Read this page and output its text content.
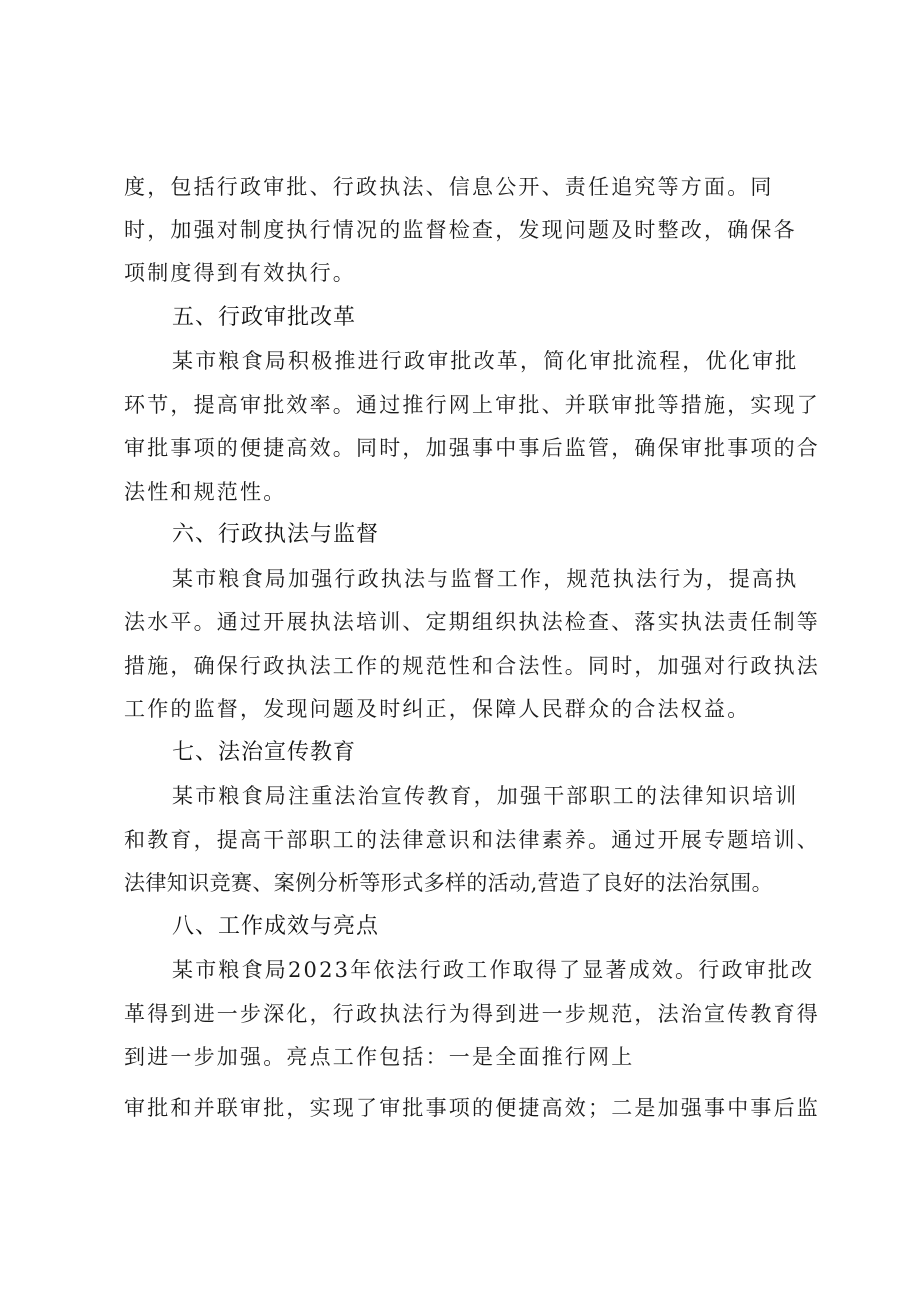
度，包括行政审批、行政执法、信息公开、责任追究等方面。同
时，加强对制度执行情况的监督检查，发现问题及时整改，确保各
项制度得到有效执行。
五、行政审批改革
某市粮食局积极推进行政审批改革，简化审批流程，优化审批
环节，提高审批效率。通过推行网上审批、并联审批等措施，实现了
审批事项的便捷高效。同时，加强事中事后监管，确保审批事项的合
法性和规范性。
六、行政执法与监督
某市粮食局加强行政执法与监督工作，规范执法行为，提高执
法水平。通过开展执法培训、定期组织执法检查、落实执法责任制等
措施，确保行政执法工作的规范性和合法性。同时，加强对行政执法
工作的监督，发现问题及时纠正，保障人民群众的合法权益。
七、法治宣传教育
某市粮食局注重法治宣传教育，加强干部职工的法律知识培训
和教育，提高干部职工的法律意识和法律素养。通过开展专题培训、
法律知识竞赛、案例分析等形式多样的活动,营造了良好的法治氛围。
八、工作成效与亮点
某市粮食局2023年依法行政工作取得了显著成效。行政审批改
革得到进一步深化，行政执法行为得到进一步规范，法治宣传教育得
到进一步加强。亮点工作包括：一是全面推行网上
审批和并联审批，实现了审批事项的便捷高效；二是加强事中事后监
